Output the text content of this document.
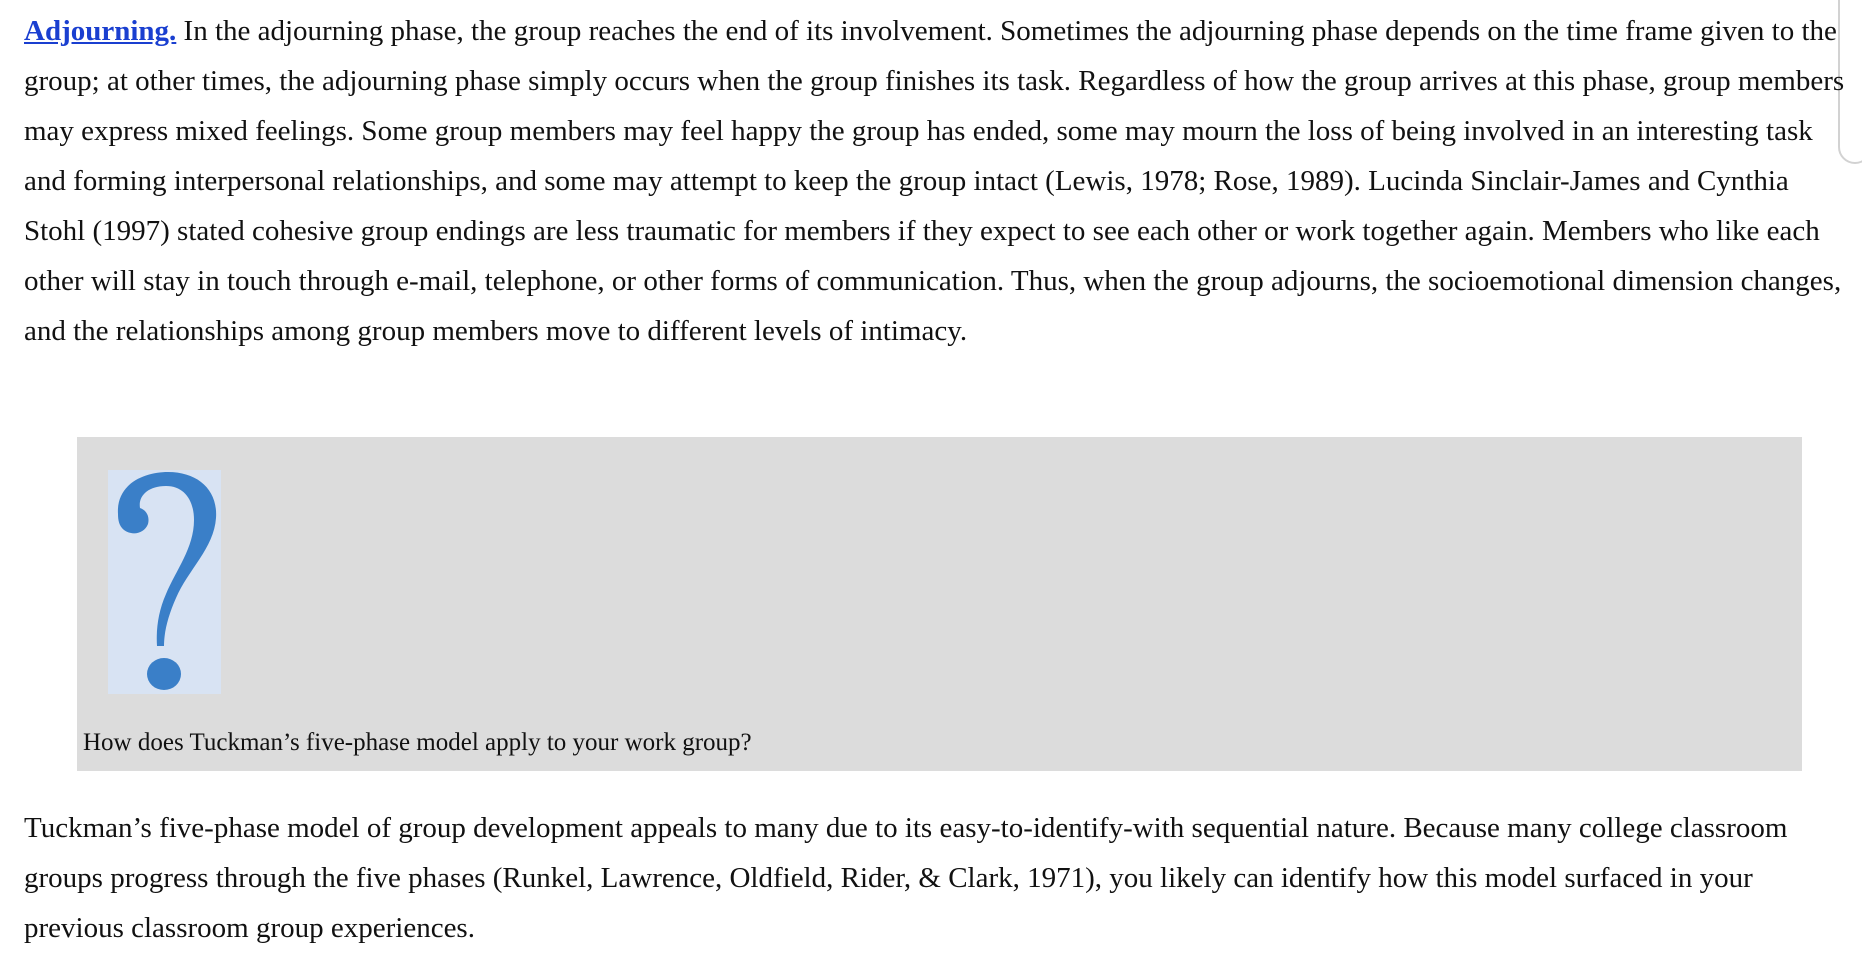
Adjourning. In the adjourning phase, the group reaches the end of its involvement. Sometimes the adjourning phase depends on the time frame given to the group; at other times, the adjourning phase simply occurs when the group finishes its task. Regardless of how the group arrives at this phase, group members may express mixed feelings. Some group members may feel happy the group has ended, some may mourn the loss of being involved in an interesting task and forming interpersonal relationships, and some may attempt to keep the group intact (Lewis, 1978; Rose, 1989). Lucinda Sinclair-James and Cynthia Stohl (1997) stated cohesive group endings are less traumatic for members if they expect to see each other or work together again. Members who like each other will stay in touch through e-mail, telephone, or other forms of communication. Thus, when the group adjourns, the socioemotional dimension changes, and the relationships among group members move to different levels of intimacy.

How does Tuckman’s five-phase model apply to your work group?

Tuckman’s five-phase model of group development appeals to many due to its easy-to-identify-with sequential nature. Because many college classroom groups progress through the five phases (Runkel, Lawrence, Oldfield, Rider, & Clark, 1971), you likely can identify how this model surfaced in your previous classroom group experiences.
